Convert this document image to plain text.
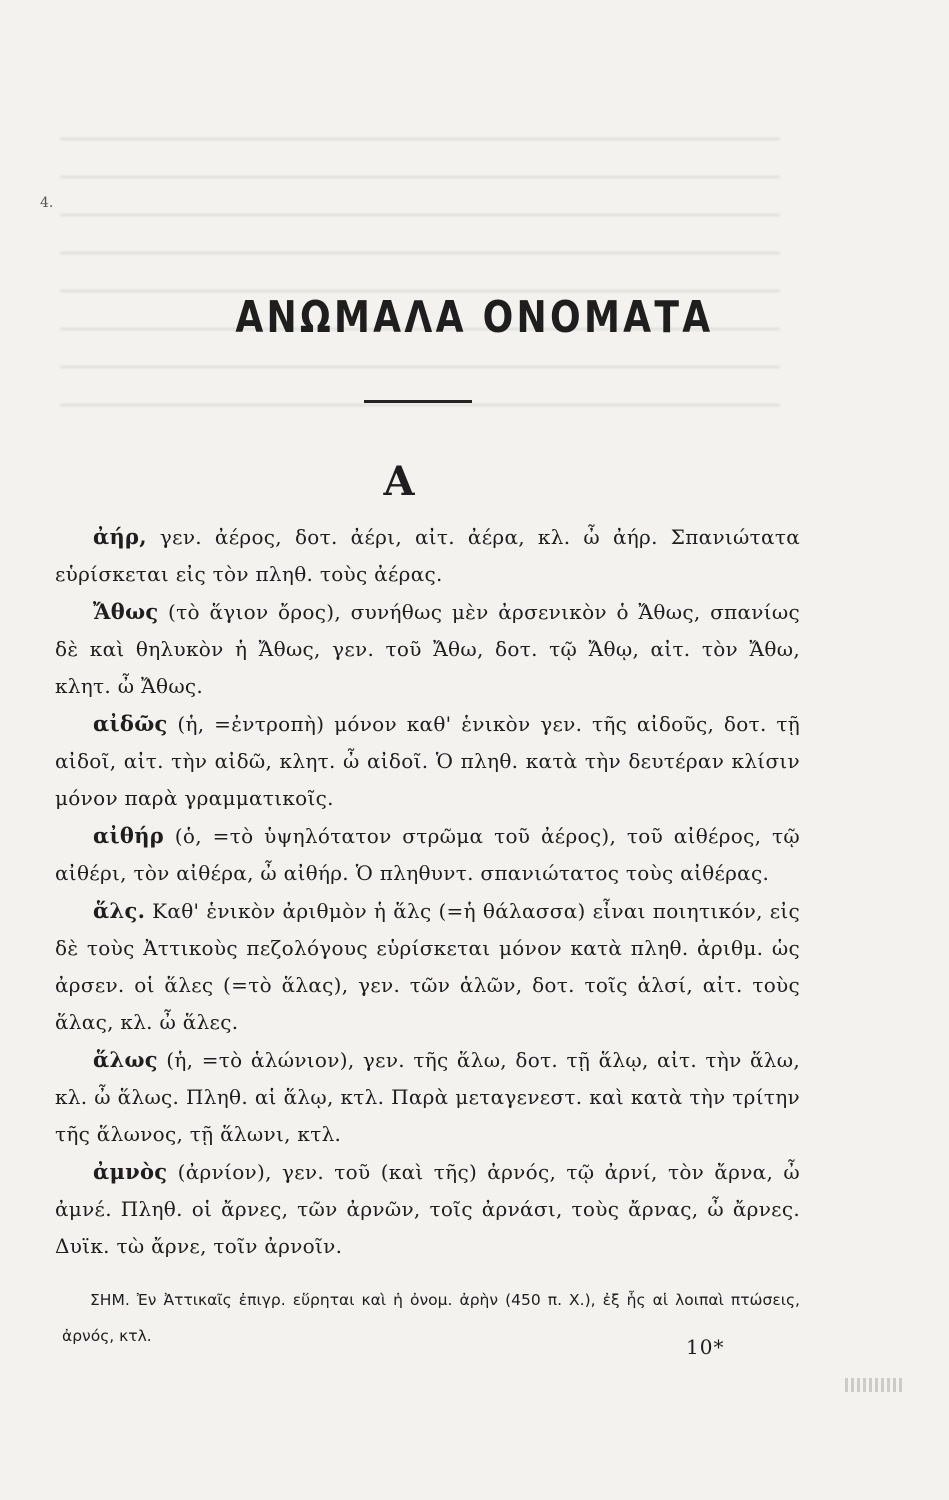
4.
ΑΝΩΜΑΛΑ ΟΝΟΜΑΤΑ
Α

ἀήρ, γεν. ἀέρος, δοτ. ἀέρι, αἰτ. ἀέρα, κλ. ὦ ἀήρ. Σπανιώτατα εὑρίσκεται εἰς τὸν πληθ. τοὺς ἀέρας.

Ἄθως (τὸ ἅγιον ὄρος), συνήθως μὲν ἀρσενικὸν ὁ Ἄθως, σπανίως δὲ καὶ θηλυκὸν ἡ Ἄθως, γεν. τοῦ Ἄθω, δοτ. τῷ Ἄθῳ, αἰτ. τὸν Ἄθω, κλητ. ὦ Ἄθως.

αἰδῶς (ἡ, =ἐντροπὴ) μόνον καθ' ἑνικὸν γεν. τῆς αἰδοῦς, δοτ. τῇ αἰδοῖ, αἰτ. τὴν αἰδῶ, κλητ. ὦ αἰδοῖ. Ὁ πληθ. κατὰ τὴν δευτέραν κλίσιν μόνον παρὰ γραμματικοῖς.

αἰθήρ (ὁ, =τὸ ὑψηλότατον στρῶμα τοῦ ἀέρος), τοῦ αἰθέρος, τῷ αἰθέρι, τὸν αἰθέρα, ὦ αἰθήρ. Ὁ πληθυντ. σπανιώτατος τοὺς αἰθέρας.

ἅλς. Καθ' ἑνικὸν ἀριθμὸν ἡ ἅλς (=ἡ θάλασσα) εἶναι ποιητικόν, εἰς δὲ τοὺς Ἀττικοὺς πεζολόγους εὑρίσκεται μόνον κατὰ πληθ. ἀριθμ. ὡς ἀρσεν. οἱ ἅλες (=τὸ ἅλας), γεν. τῶν ἁλῶν, δοτ. τοῖς ἁλσί, αἰτ. τοὺς ἅλας, κλ. ὦ ἅλες.

ἅλως (ἡ, =τὸ ἁλώνιον), γεν. τῆς ἅλω, δοτ. τῇ ἅλῳ, αἰτ. τὴν ἅλω, κλ. ὦ ἅλως. Πληθ. αἱ ἅλῳ, κτλ. Παρὰ μεταγενεστ. καὶ κατὰ τὴν τρίτην τῆς ἅλωνος, τῇ ἅλωνι, κτλ.

ἀμνὸς (ἀρνίον), γεν. τοῦ (καὶ τῆς) ἀρνός, τῷ ἀρνί, τὸν ἄρνα, ὦ ἀμνέ. Πληθ. οἱ ἄρνες, τῶν ἀρνῶν, τοῖς ἀρνάσι, τοὺς ἄρνας, ὦ ἄρνες. Δυϊκ. τὼ ἄρνε, τοῖν ἀρνοῖν.

ΣΗΜ. Ἐν Ἀττικαῖς ἐπιγρ. εὕρηται καὶ ἡ ὀνομ. ἀρὴν (450 π. Χ.), ἐξ ἧς αἱ λοιπαὶ πτώσεις, ἀρνός, κτλ.	10*
